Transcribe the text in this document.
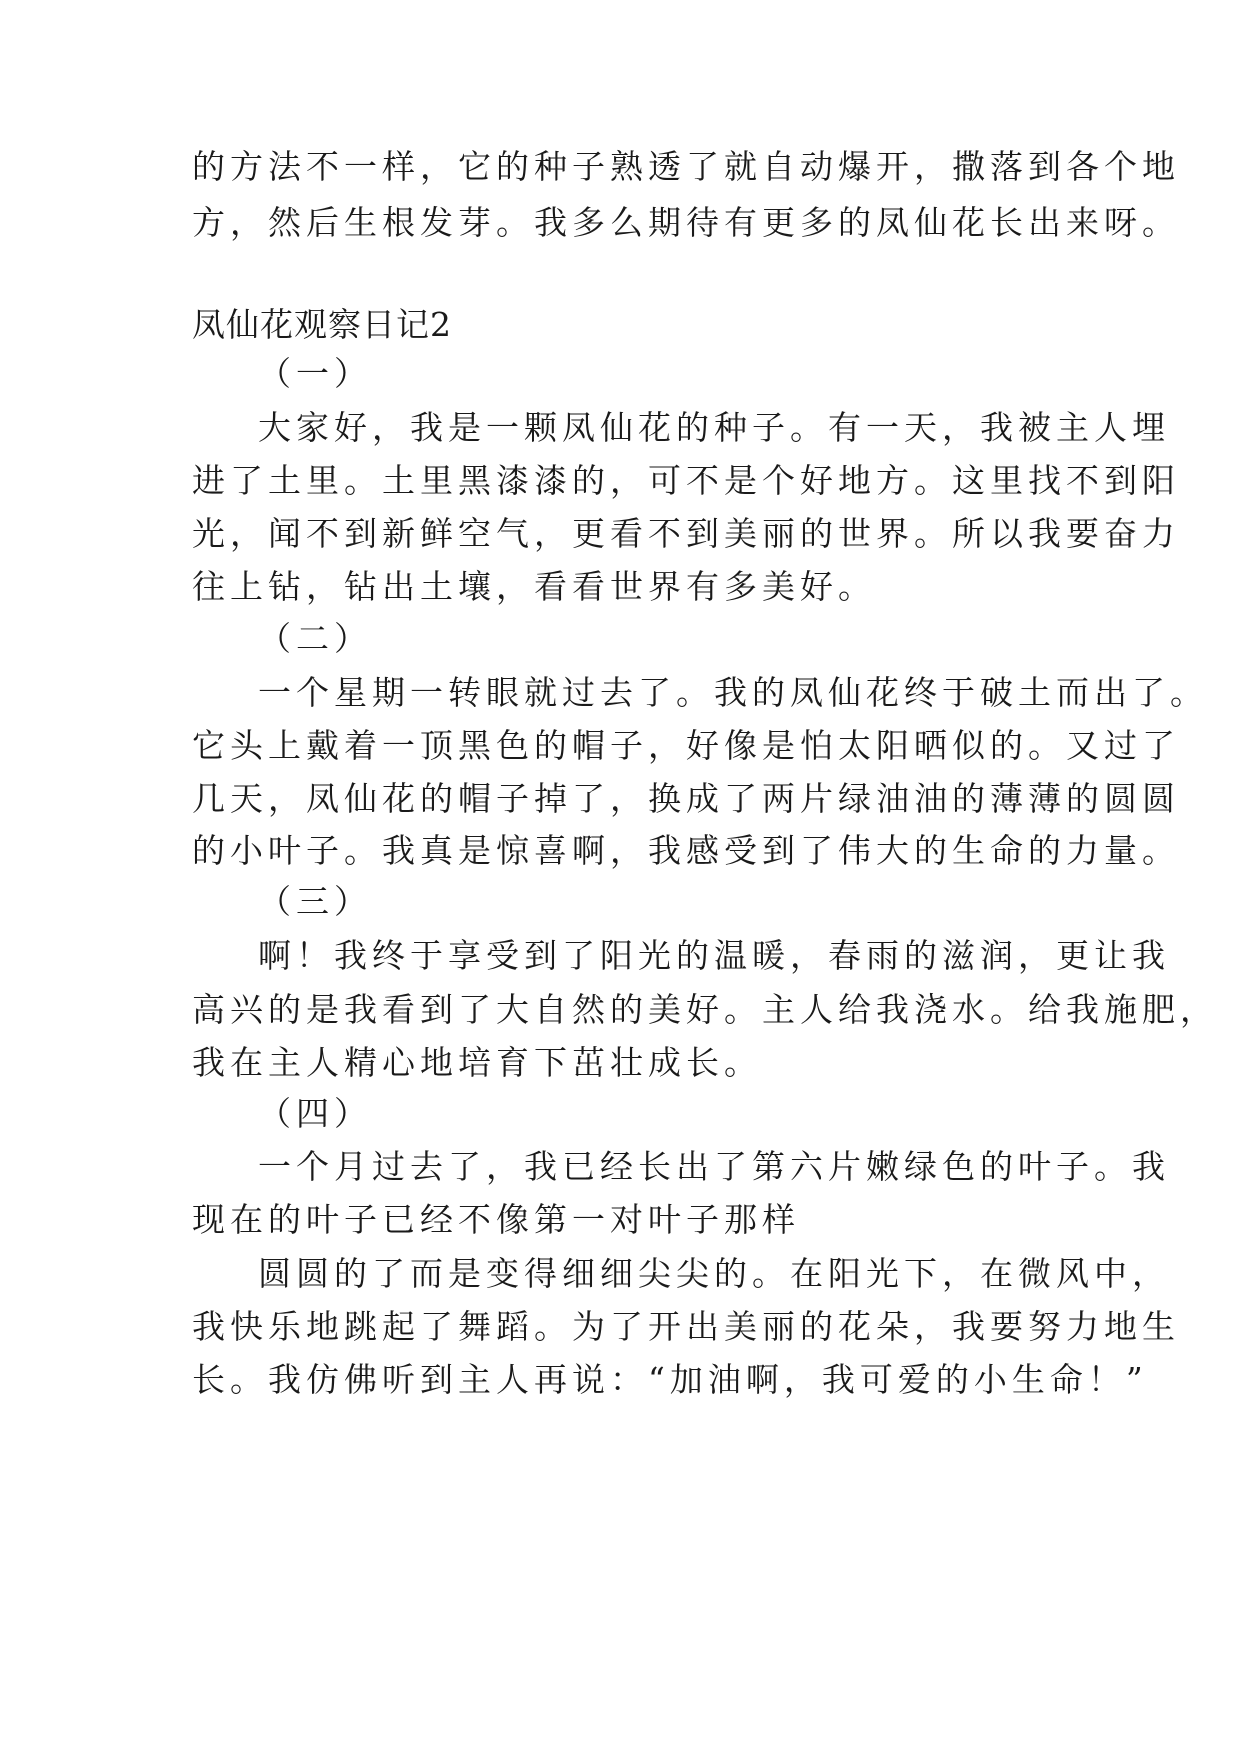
的方法不一样，它的种子熟透了就自动爆开，撒落到各个地
方，然后生根发芽。我多么期待有更多的凤仙花长出来呀。
凤仙花观察日记2
（一）
大家好，我是一颗凤仙花的种子。有一天，我被主人埋
进了土里。土里黑漆漆的，可不是个好地方。这里找不到阳
光，闻不到新鲜空气，更看不到美丽的世界。所以我要奋力
往上钻，钻出土壤，看看世界有多美好。
（二）
一个星期一转眼就过去了。我的凤仙花终于破土而出了。
它头上戴着一顶黑色的帽子，好像是怕太阳晒似的。又过了
几天，凤仙花的帽子掉了，换成了两片绿油油的薄薄的圆圆
的小叶子。我真是惊喜啊，我感受到了伟大的生命的力量。
（三）
啊！我终于享受到了阳光的温暖，春雨的滋润，更让我
高兴的是我看到了大自然的美好。主人给我浇水。给我施肥，
我在主人精心地培育下茁壮成长。
（四）
一个月过去了，我已经长出了第六片嫩绿色的叶子。我
现在的叶子已经不像第一对叶子那样
圆圆的了而是变得细细尖尖的。在阳光下，在微风中，
我快乐地跳起了舞蹈。为了开出美丽的花朵，我要努力地生
长。我仿佛听到主人再说：“加油啊，我可爱的小生命！”
